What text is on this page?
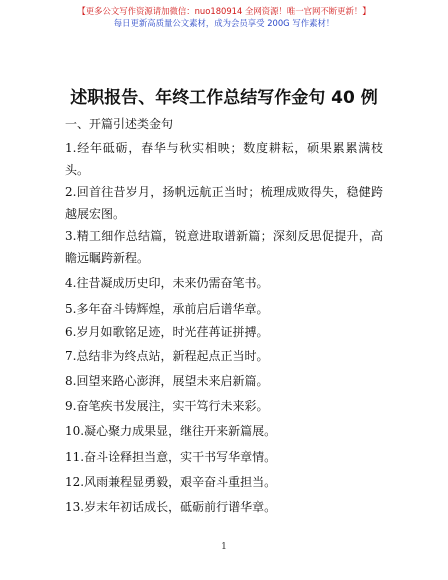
【更多公文写作资源请加微信：nuo180914 全网资源！唯一官网不断更新！】
每日更新高质量公文素材，成为会员享受 200G 写作素材！
述职报告、年终工作总结写作金句 40 例
一、开篇引述类金句
1.经年砥砺，春华与秋实相映；数度耕耘，硕果累累满枝头。
2.回首往昔岁月，扬帆远航正当时；梳理成败得失，稳健跨越展宏图。
3.精工细作总结篇，锐意进取谱新篇；深刻反思促提升，高瞻远瞩跨新程。
4.往昔凝成历史印，未来仍需奋笔书。
5.多年奋斗铸辉煌，承前启后谱华章。
6.岁月如歌铭足迹，时光荏苒证拼搏。
7.总结非为终点站，新程起点正当时。
8.回望来路心澎湃，展望未来启新篇。
9.奋笔疾书发展注，实干笃行未来彩。
10.凝心聚力成果显，继往开来新篇展。
11.奋斗诠释担当意，实干书写华章情。
12.风雨兼程显勇毅，艰辛奋斗重担当。
13.岁末年初话成长，砥砺前行谱华章。
1
